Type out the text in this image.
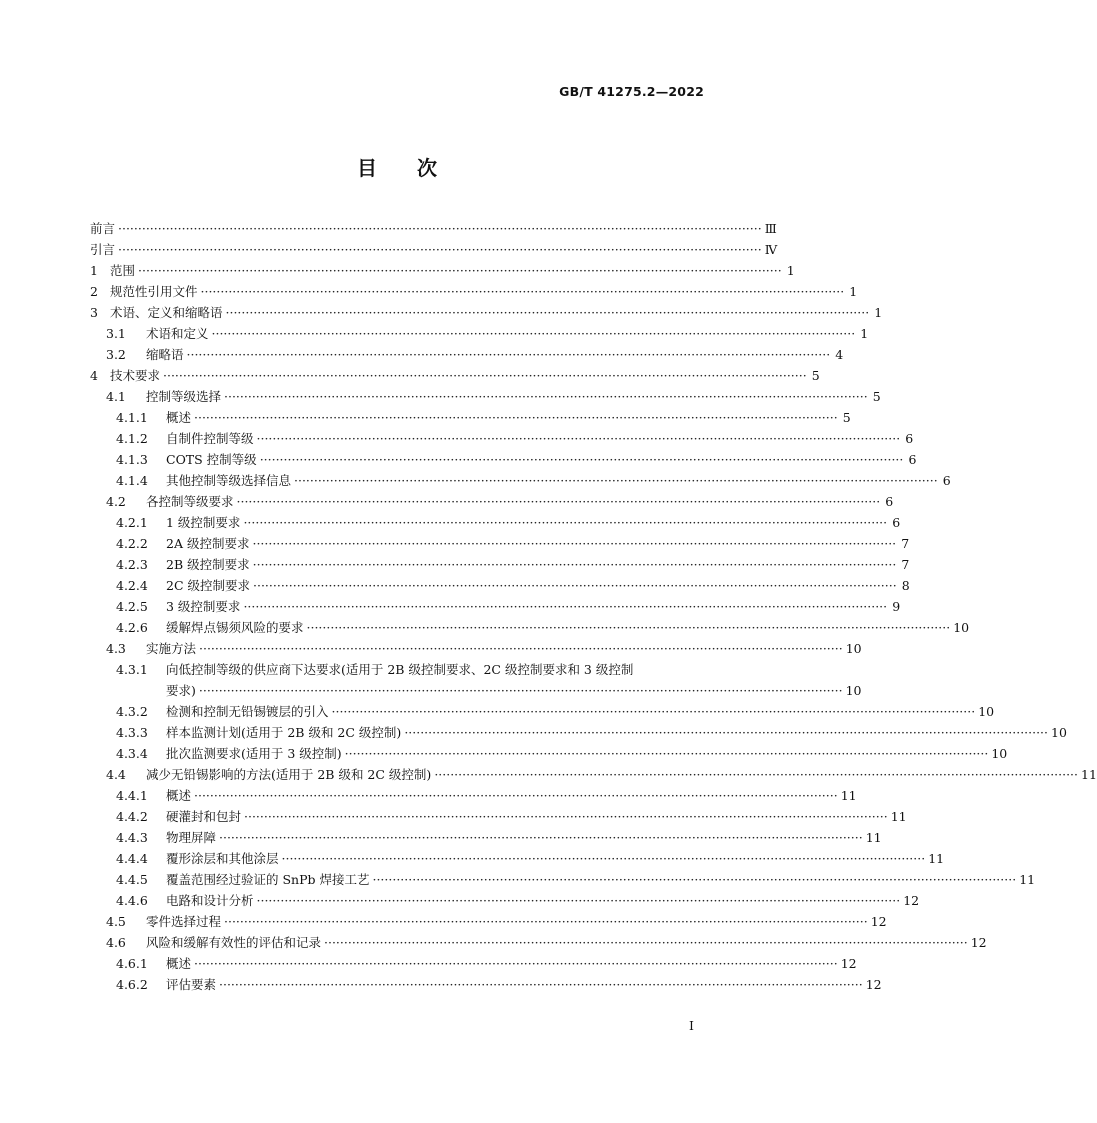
GB/T 41275.2—2022
目 次
前言 ·····	Ⅲ
引言 ·····	Ⅳ
1 范围 ·····	1
2 规范性引用文件 ·····	1
3 术语、定义和缩略语 ·····	1
3.1	术语和定义 ·····	1
3.2	缩略语 ·····	4
4 技术要求 ·····	5
4.1	控制等级选择 ·····	5
4.1.1	概述 ·····	5
4.1.2	自制件控制等级 ·····	6
4.1.3	COTS 控制等级 ·····	6
4.1.4	其他控制等级选择信息 ·····	6
4.2	各控制等级要求 ·····	6
4.2.1	1 级控制要求 ·····	6
4.2.2	2A 级控制要求 ·····	7
4.2.3	2B 级控制要求 ·····	7
4.2.4	2C 级控制要求 ·····	8
4.2.5	3 级控制要求 ·····	9
4.2.6	缓解焊点锡须风险的要求 ·····	10
4.3	实施方法 ·····	10
4.3.1	向低控制等级的供应商下达要求(适用于 2B 级控制要求、2C 级控制要求和 3 级控制
要求) ·····	10
4.3.2	检测和控制无铅锡镀层的引入 ·····	10
4.3.3	样本监测计划(适用于 2B 级和 2C 级控制) ·····	10
4.3.4	批次监测要求(适用于 3 级控制) ·····	10
4.4	减少无铅锡影响的方法(适用于 2B 级和 2C 级控制) ·····	11
4.4.1	概述 ·····	11
4.4.2	硬灌封和包封 ·····	11
4.4.3	物理屏障 ·····	11
4.4.4	覆形涂层和其他涂层 ·····	11
4.4.5	覆盖范围经过验证的 SnPb 焊接工艺 ·····	11
4.4.6	电路和设计分析 ·····	12
4.5	零件选择过程 ·····	12
4.6	风险和缓解有效性的评估和记录 ·····	12
4.6.1	概述 ·····	12
4.6.2	评估要素 ·····	12
I
